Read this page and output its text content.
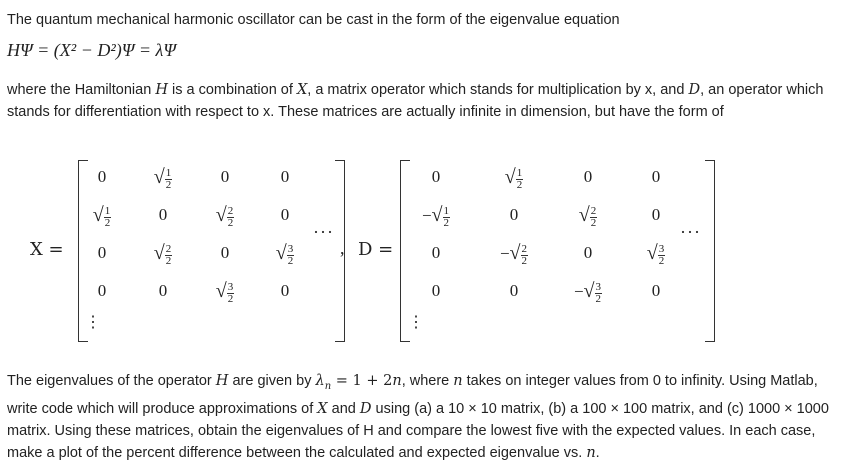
The quantum mechanical harmonic oscillator can be cast in the form of the eigenvalue equation
HΨ = (X² − D²)Ψ = λΨ
where the Hamiltonian H is a combination of X, a matrix operator which stands for multiplication by x, and D, an operator which stands for differentiation with respect to x. These matrices are actually infinite in dimension, but have the form of
X =
0	√ $\frac{1}{2}$	0	0
√ $\frac{1}{2}$	0	√ $\frac{2}{2}$	0
0	√ $\frac{2}{2}$	0	√ $\frac{3}{2}$
0	0	√ $\frac{3}{2}$	0
···
⋮
, D =
0	√ $\frac{1}{2}$	0	0
−√ $\frac{1}{2}$	0	√ $\frac{2}{2}$	0
0	−√ $\frac{2}{2}$	0	√ $\frac{3}{2}$
0	0	−√ $\frac{3}{2}$	0
···
⋮
The eigenvalues of the operator H are given by $\lambda_n = 1 + 2n$, where n takes on integer values from 0 to infinity. Using Matlab, write code which will produce approximations of X and D using (a) a 10 × 10 matrix, (b) a 100 × 100 matrix, and (c) 1000 × 1000 matrix. Using these matrices, obtain the eigenvalues of H and compare the lowest five with the expected values. In each case, make a plot of the percent difference between the calculated and expected eigenvalue vs. n.
